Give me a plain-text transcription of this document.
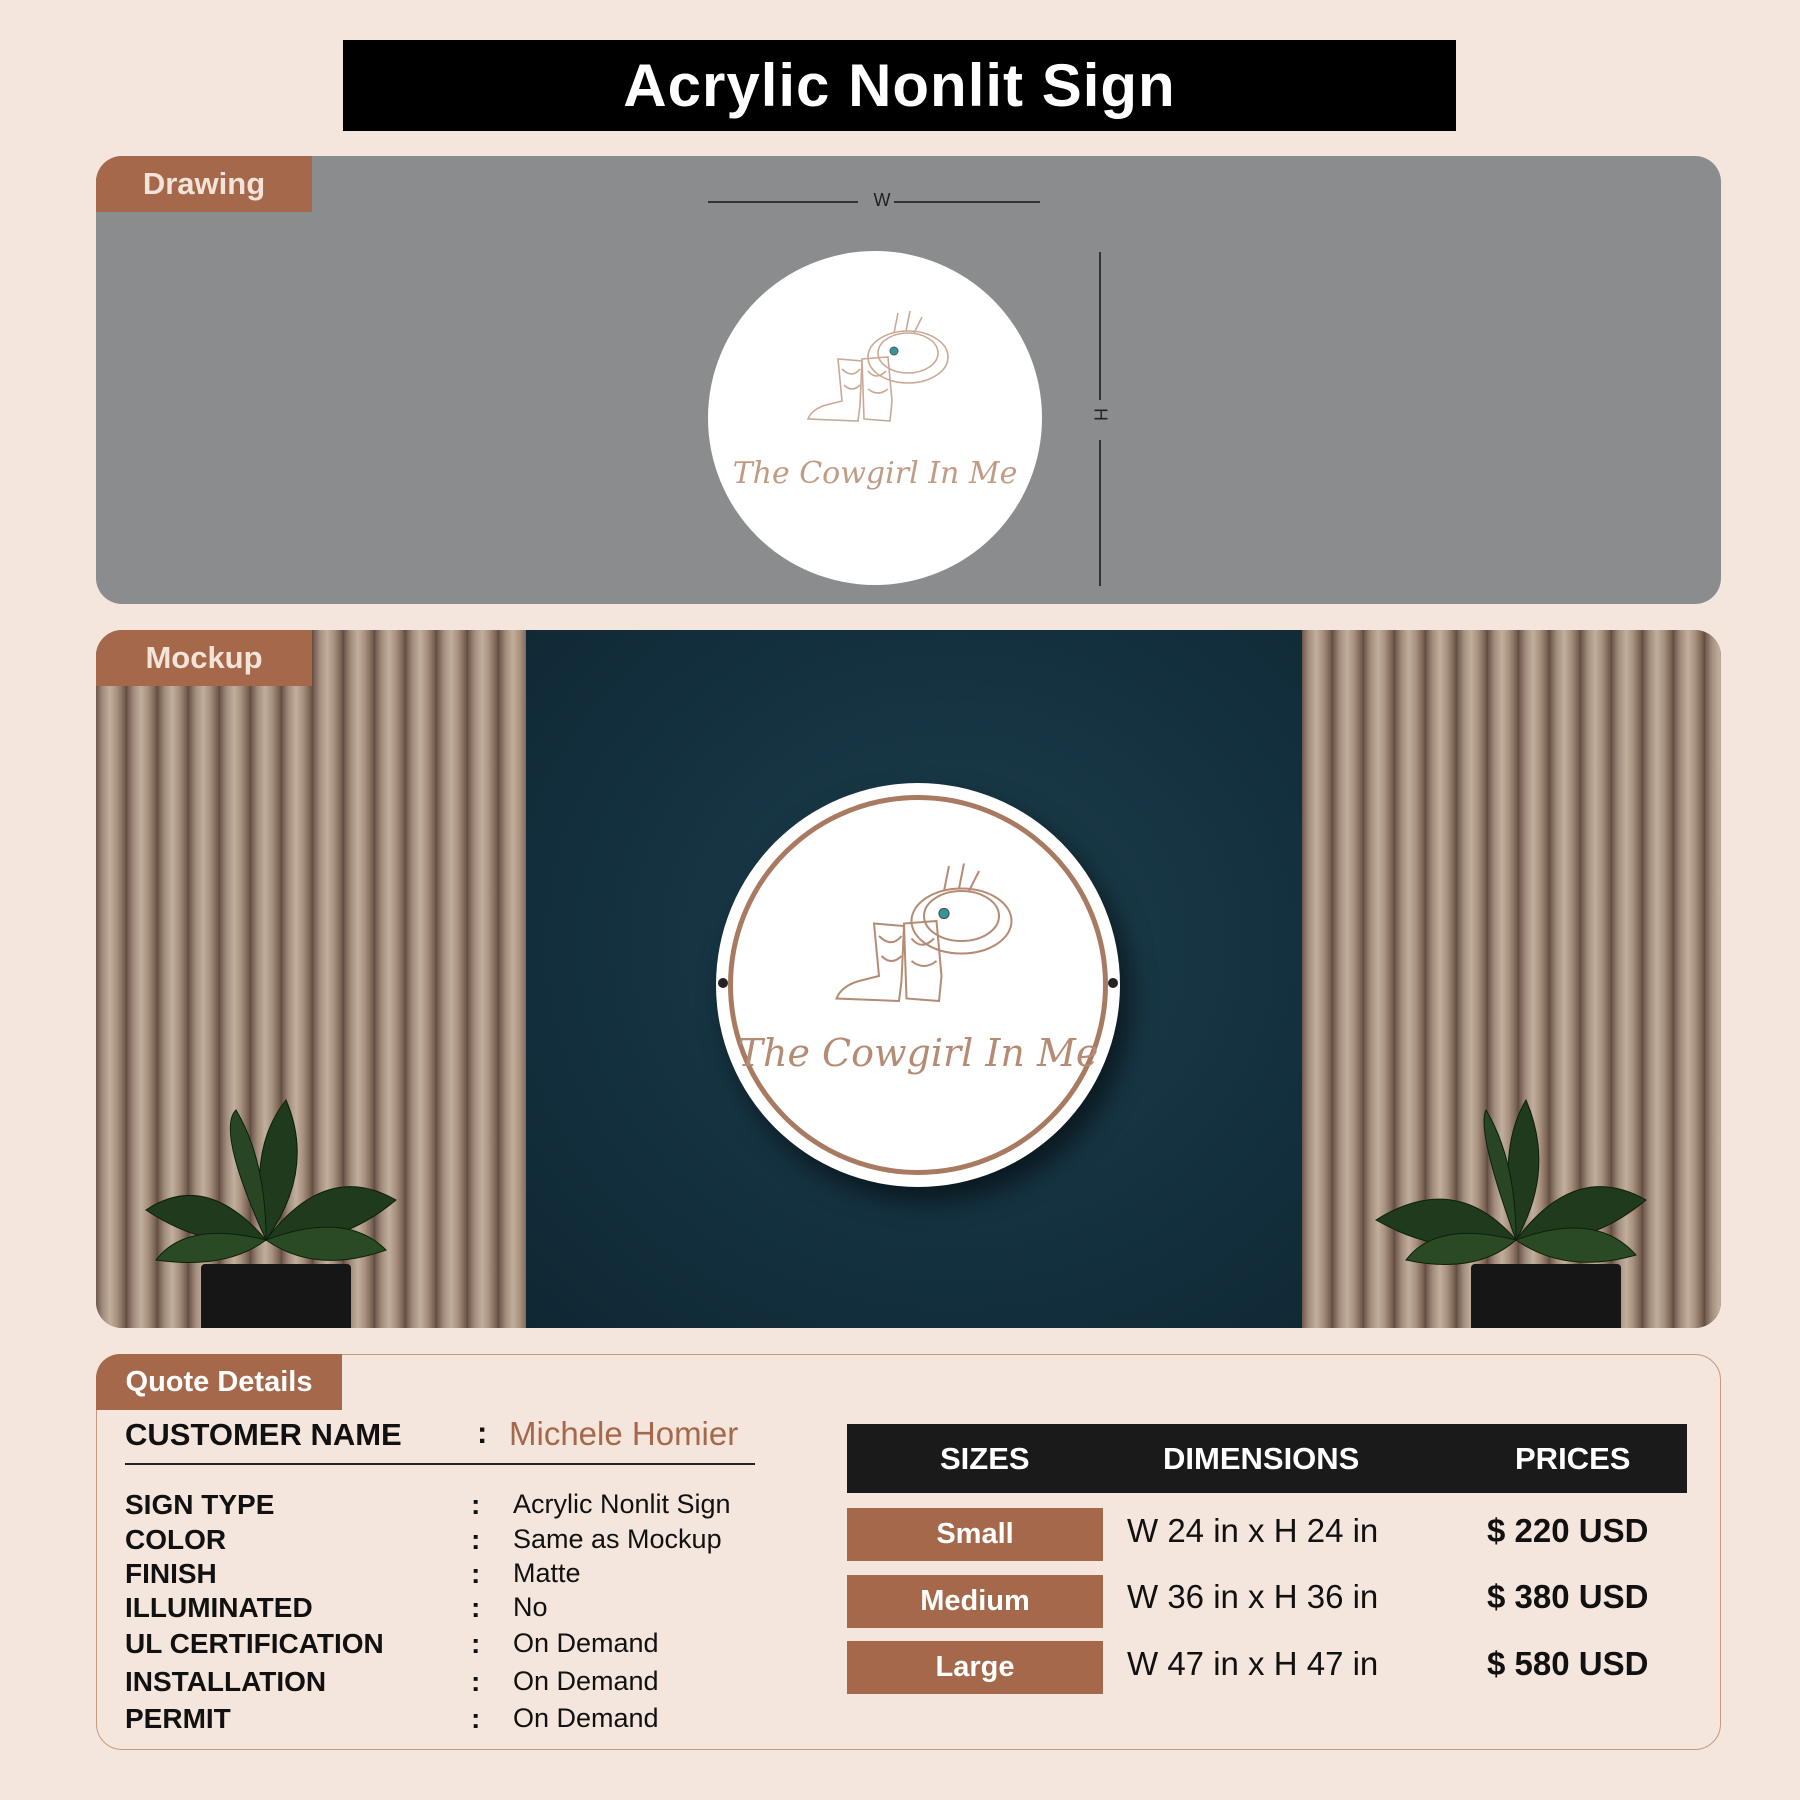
Acrylic Nonlit Sign
Drawing	W
H
The Cowgirl In Me
The Cowgirl In Me
Mockup
Quote Details
CUSTOMER NAME : Michele Homier
SIGN TYPE	: Acrylic Nonlit Sign
COLOR	: Same as Mockup
FINISH	: Matte
ILLUMINATED	: No
UL CERTIFICATION	: On Demand
INSTALLATION	: On Demand
PERMIT	: On Demand
SIZES	DIMENSIONS	PRICES
Small	W 24 in x H 24 in	$ 220 USD
Medium	W 36 in x H 36 in	$ 380 USD
Large	W 47 in x H 47 in	$ 580 USD
